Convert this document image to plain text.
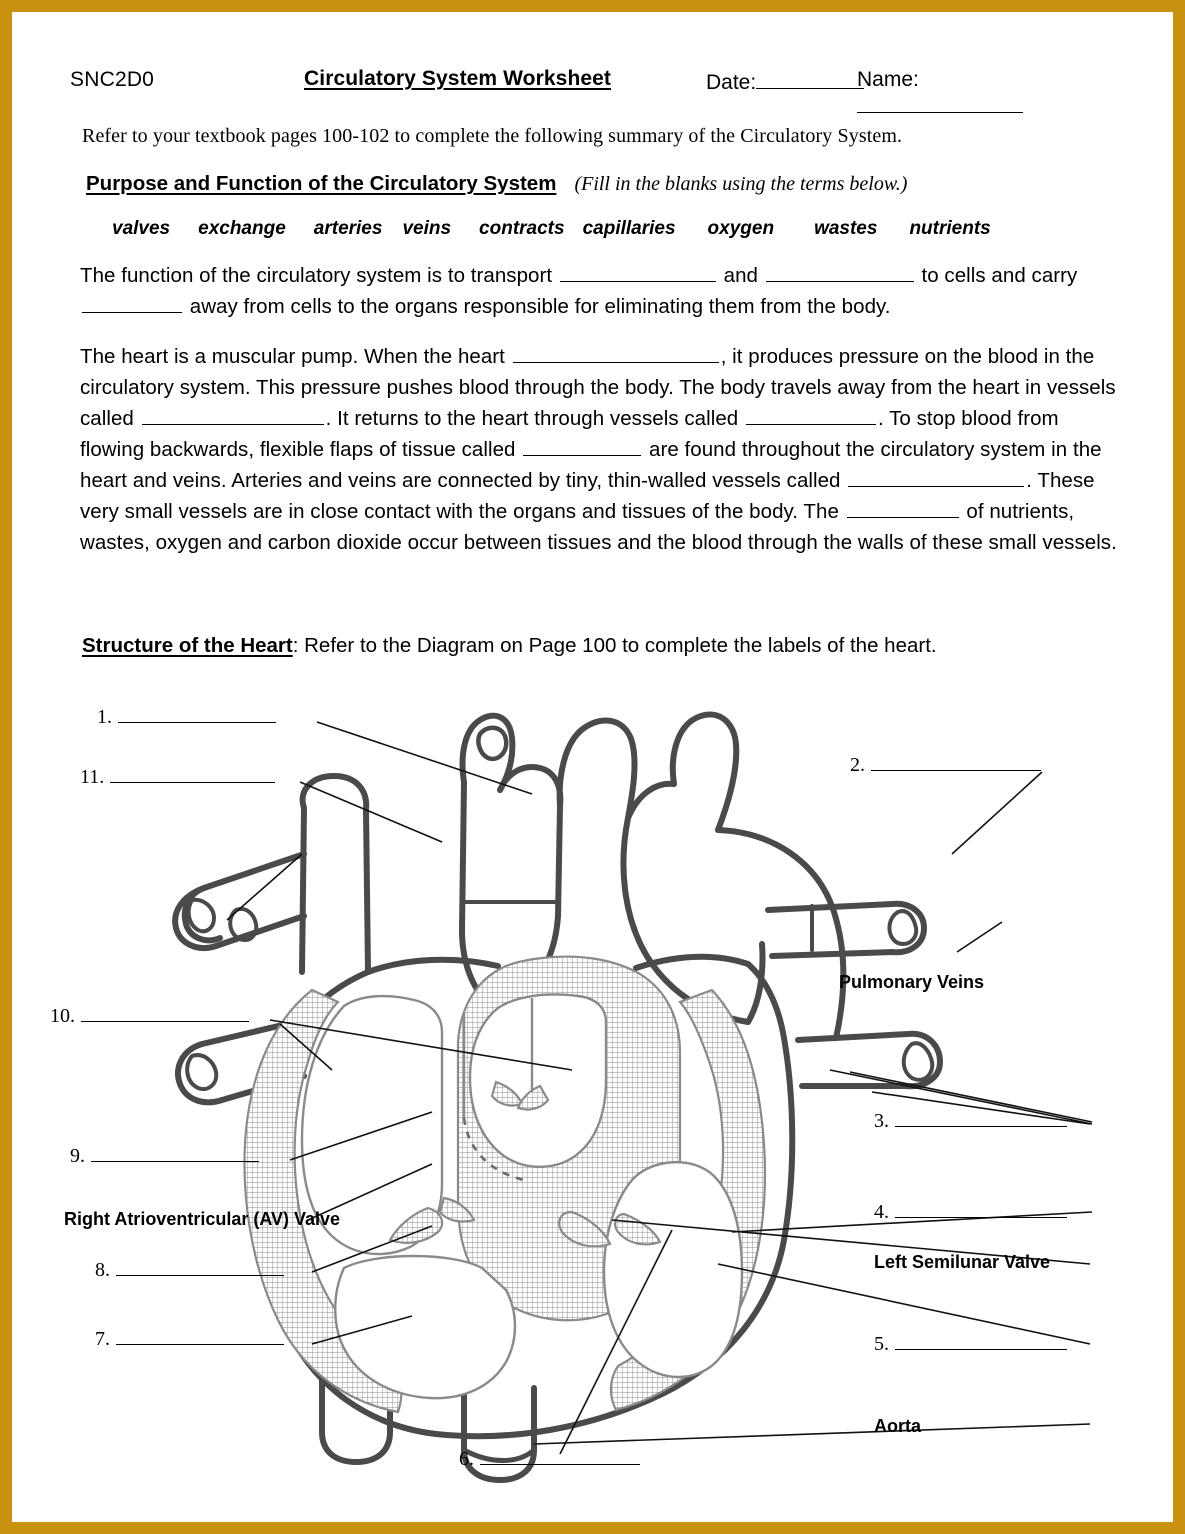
SNC2D0	Circulatory System Worksheet	Date:	Name:
Refer to your textbook pages 100-102 to complete the following summary of the Circulatory System.
Purpose and Function of the Circulatory System (Fill in the blanks using the terms below.)
valves exchange arteries veins contracts capillaries oxygen wastes nutrients
The function of the circulatory system is to transport	and	to cells and carry  away from cells to the organs responsible for eliminating them from the body.
The heart is a muscular pump. When the heart	, it produces pressure on the blood in the circulatory system. This pressure pushes blood through the body. The body travels away from the heart in vessels called	. It returns to the heart through vessels called	. To stop blood from flowing backwards, flexible flaps of tissue called	are found throughout the circulatory system in the heart and veins. Arteries and veins are connected by tiny, thin-walled vessels called	. These very small vessels are in close contact with the organs and tissues of the body. The	of nutrients, wastes, oxygen and carbon dioxide occur between tissues and the blood through the walls of these small vessels.
Structure of the Heart: Refer to the Diagram on Page 100 to complete the labels of the heart.
1.
11.
10.
9.
8.
7.
6.
2.
3.
4.
5.
Pulmonary Veins
Right Atrioventricular (AV) Valve
Left Semilunar Valve
Aorta
